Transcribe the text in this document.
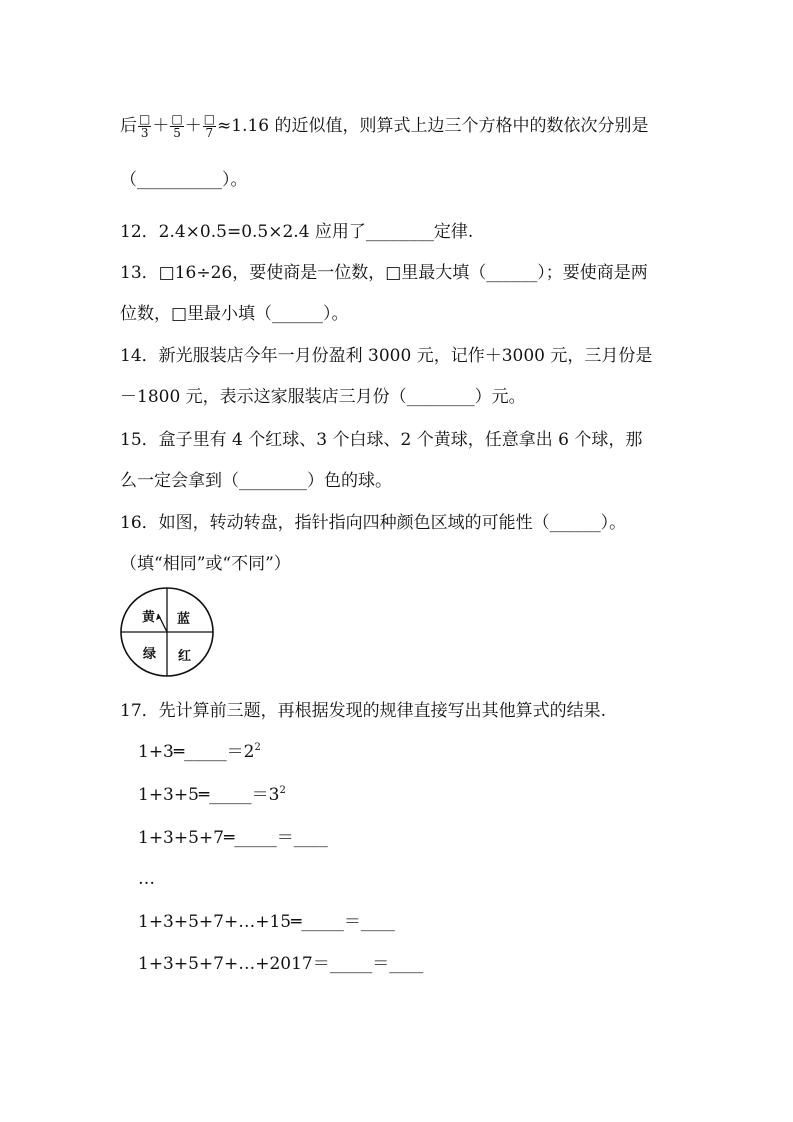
后 $\frac{□}{3} + \frac{□}{5} + \frac{□}{7} \approx 1.16$ 的近似值，则算式上边三个方格中的数依次分别是
（__________）。
12．2.4×0.5=0.5×2.4 应用了________定律.
13．□16÷26，要使商是一位数，□里最大填（______）；要使商是两
位数，□里最小填（______）。
14．新光服装店今年一月份盈利 3000 元，记作＋3000 元，三月份是
－1800 元，表示这家服装店三月份（________）元。
15．盒子里有 4 个红球、3 个白球、2 个黄球，任意拿出 6 个球，那
么一定会拿到（________）色的球。
16．如图，转动转盘，指针指向四种颜色区域的可能性（______）。
（填“相同”或“不同”）
黄 蓝
绿 红
17．先计算前三题，再根据发现的规律直接写出其他算式的结果.
$1+3═\_\_\_\_\_=2^2$
$1+3+5═\_\_\_\_\_=3^2$
1+3+5+7═_____＝____
…
1+3+5+7+…+15═_____＝____
1+3+5+7+…+2017＝_____＝____
